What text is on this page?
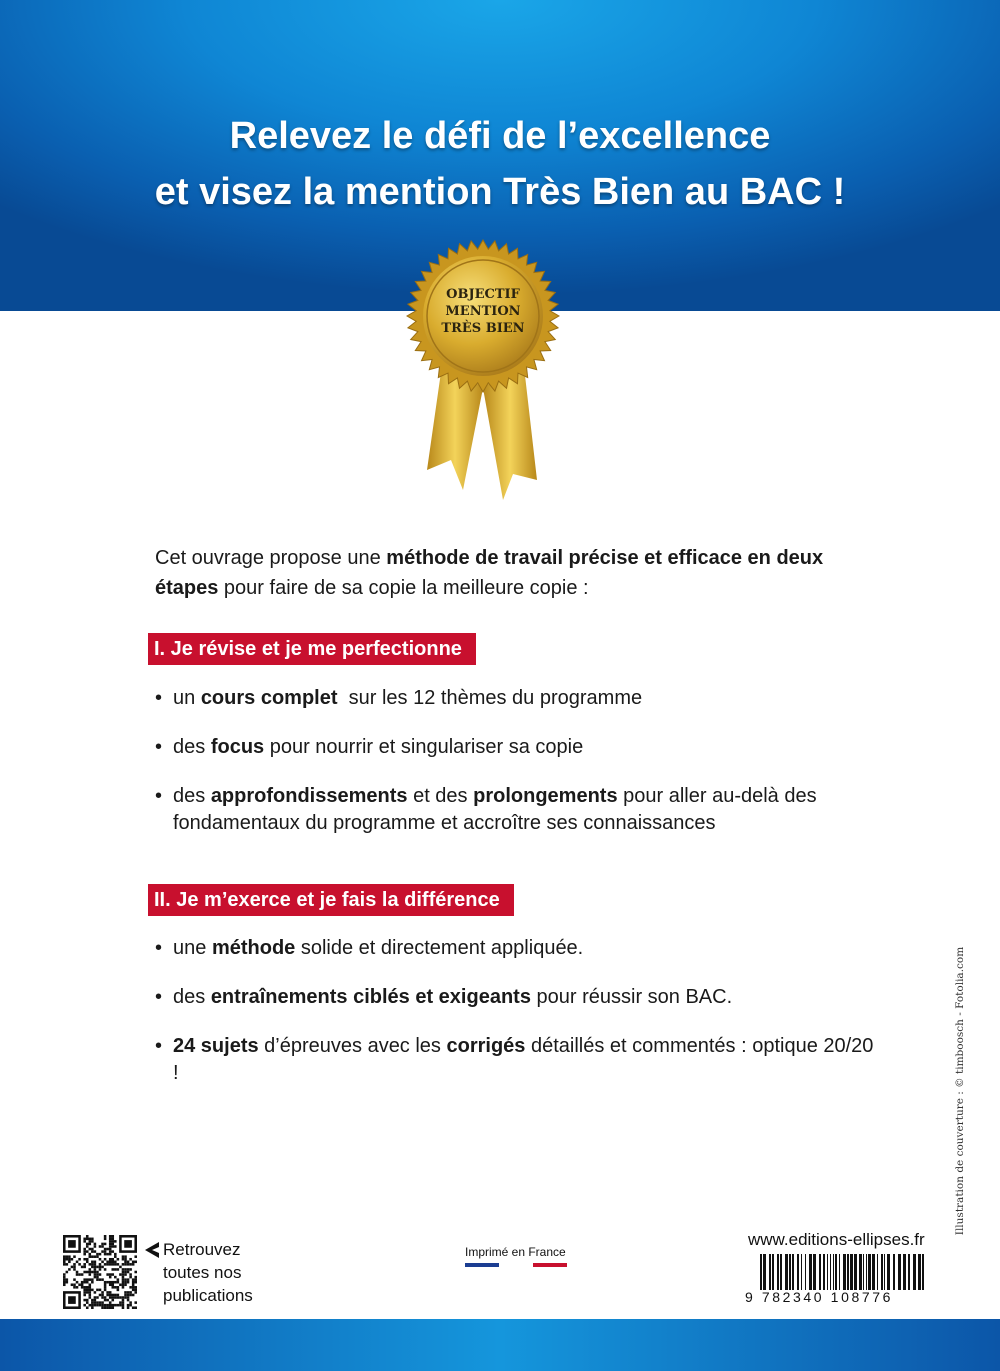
Relevez le défi de l’excellence
et visez la mention Très Bien au BAC !
OBJECTIF
MENTION
TRÈS BIEN
Cet ouvrage propose une méthode de travail précise et efficace en deux étapes pour faire de sa copie la meilleure copie :
I. Je révise et je me perfectionne
• un cours complet  sur les 12 thèmes du programme
• des focus pour nourrir et singulariser sa copie
• des approfondissements et des prolongements pour aller au-delà des fondamentaux du programme et accroître ses connaissances
II. Je m’exerce et je fais la différence
• une méthode solide et directement appliquée.
• des entraînements ciblés et exigeants pour réussir son BAC.
• 24 sujets d’épreuves avec les corrigés détaillés et commentés : optique 20/20 !	Illustration de couverture : © timboosch - Fotolia.com
Retrouvez
toutes nos
publications
Imprimé en France
www.editions-ellipses.fr
9 782340 108776
